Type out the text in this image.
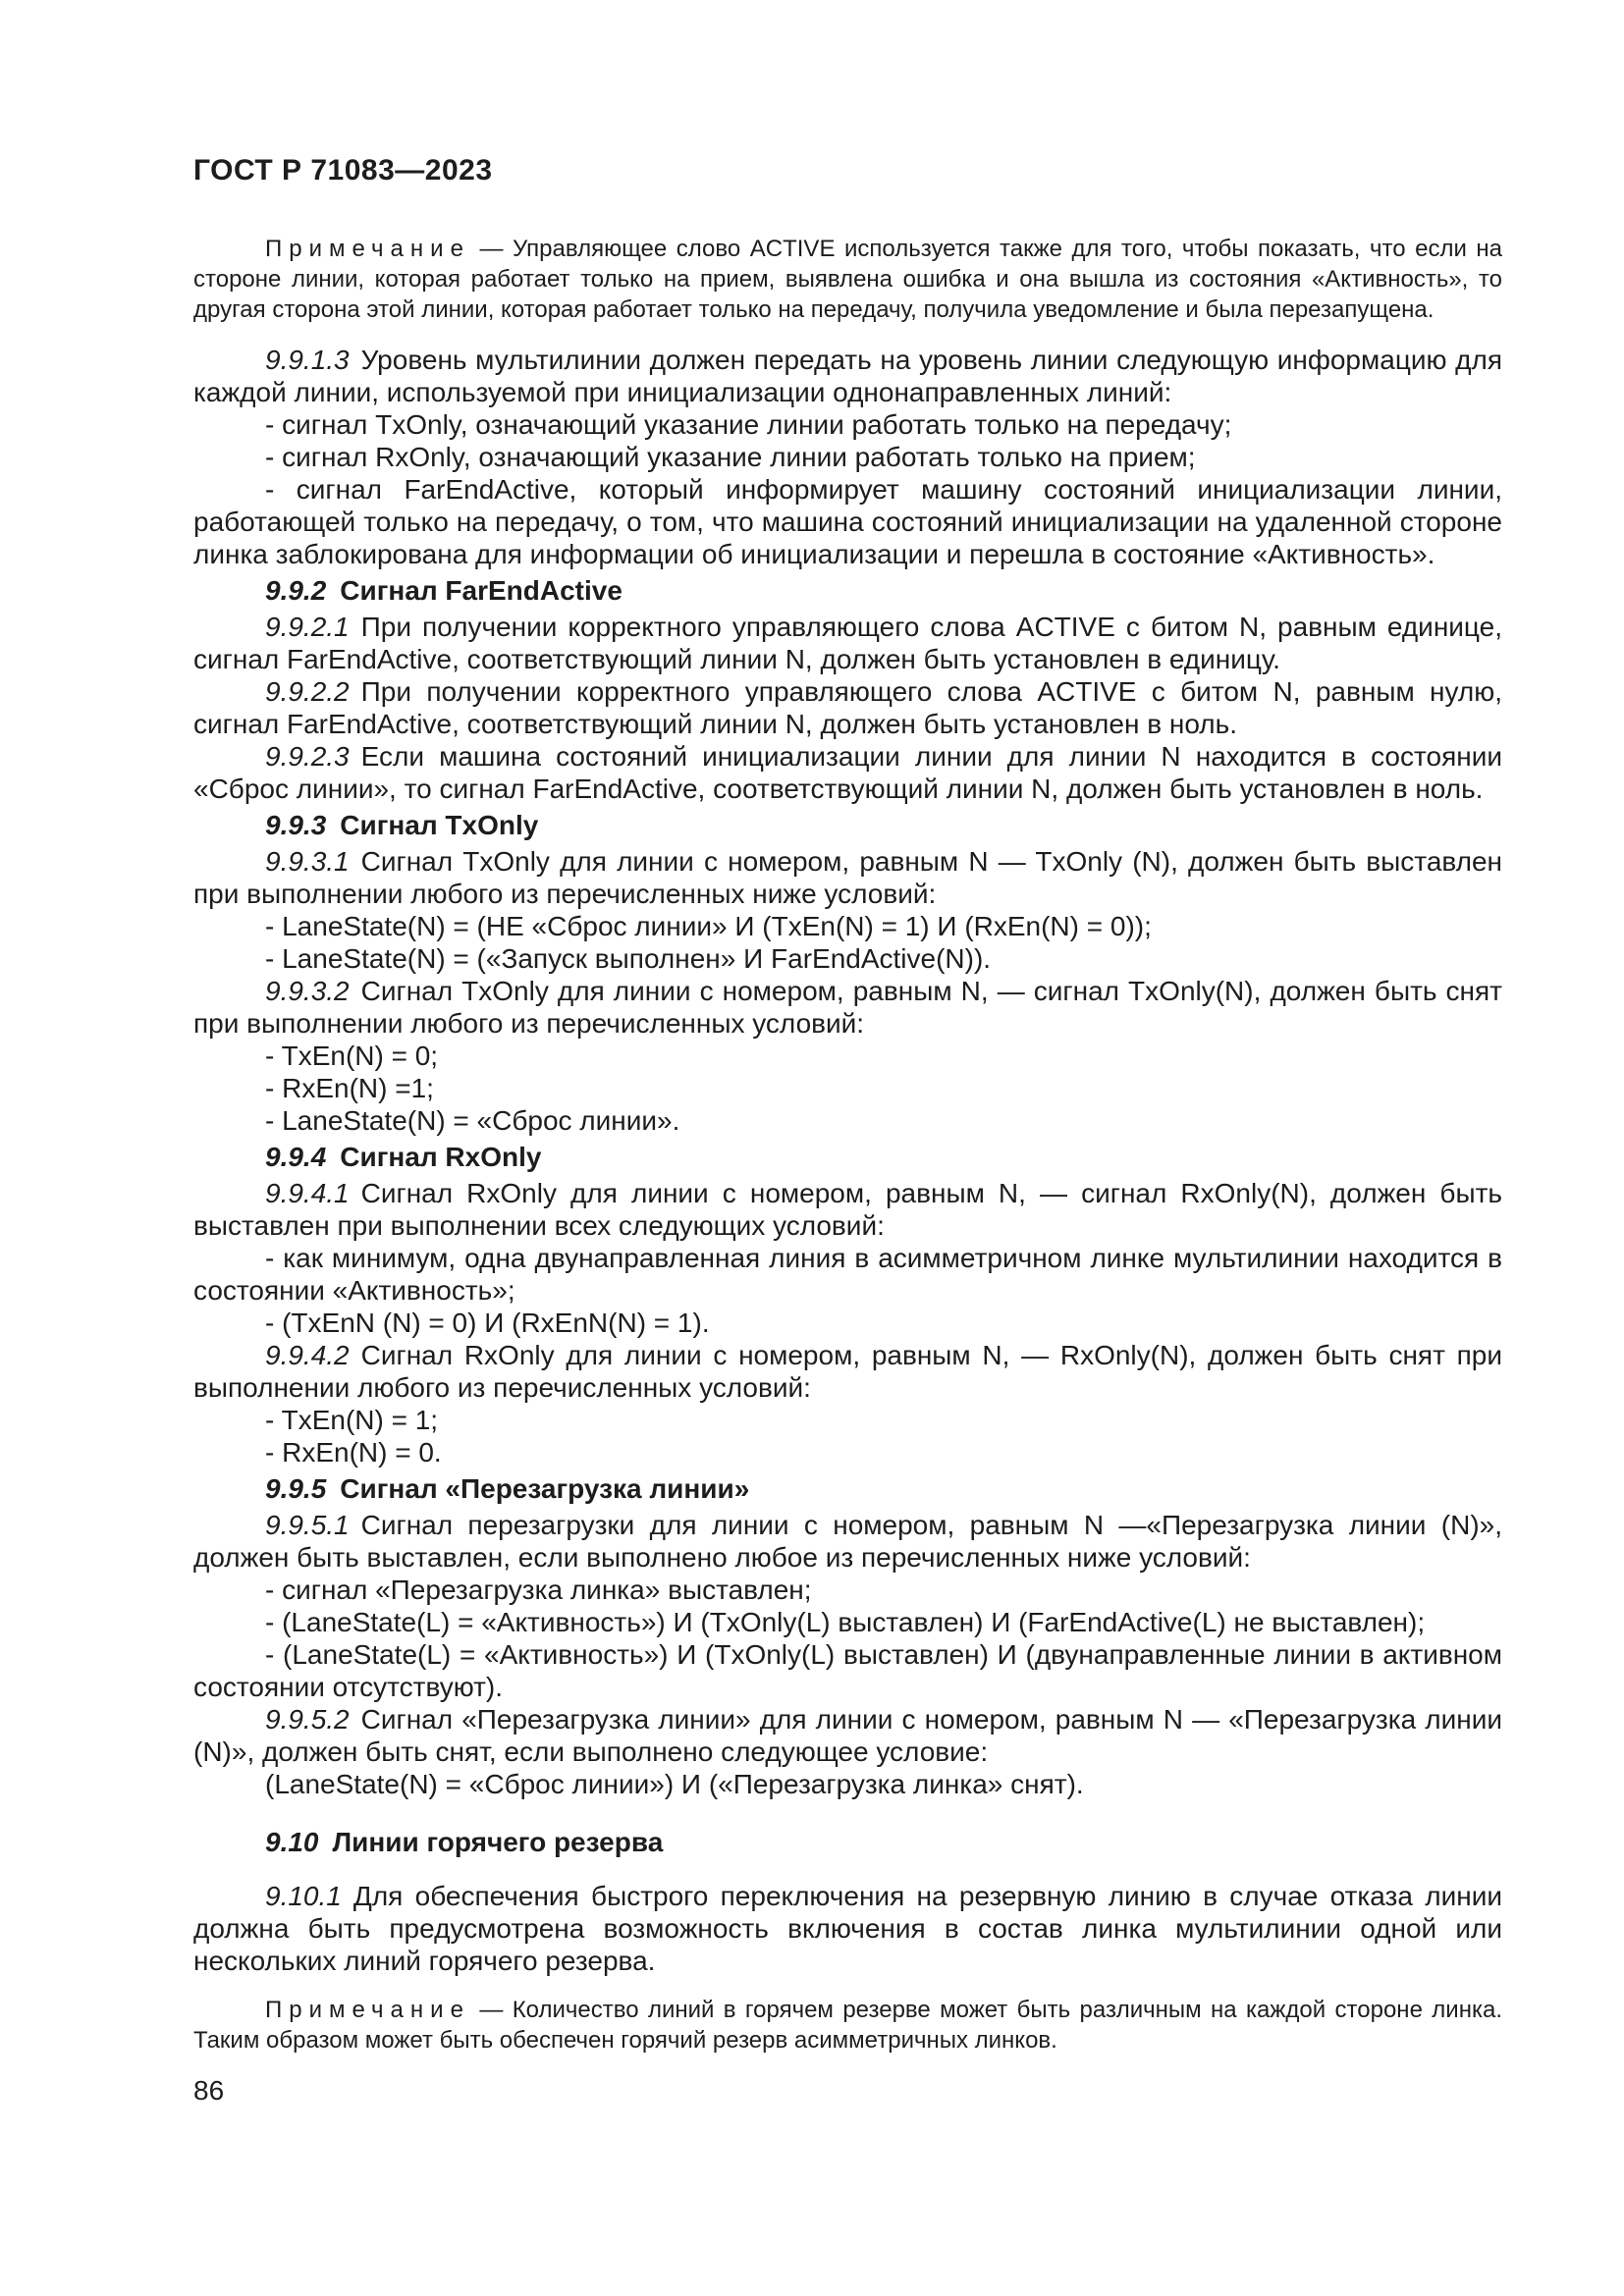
ГОСТ Р 71083—2023

Примечание — Управляющее слово ACTIVE используется также для того, чтобы показать, что если на стороне линии, которая работает только на прием, выявлена ошибка и она вышла из состояния «Активность», то другая сторона этой линии, которая работает только на передачу, получила уведомление и была перезапущена.

9.9.1.3 Уровень мультилинии должен передать на уровень линии следующую информацию для каждой линии, используемой при инициализации однонаправленных линий:

- сигнал TxOnly, означающий указание линии работать только на передачу;

- сигнал RxOnly, означающий указание линии работать только на прием;

- сигнал FarEndActive, который информирует машину состояний инициализации линии, работающей только на передачу, о том, что машина состояний инициализации на удаленной стороне линка заблокирована для информации об инициализации и перешла в состояние «Активность».

9.9.2 Сигнал FarEndActive

9.9.2.1 При получении корректного управляющего слова ACTIVE с битом N, равным единице, сигнал FarEndActive, соответствующий линии N, должен быть установлен в единицу.

9.9.2.2 При получении корректного управляющего слова ACTIVE с битом N, равным нулю, сигнал FarEndActive, соответствующий линии N, должен быть установлен в ноль.

9.9.2.3 Если машина состояний инициализации линии для линии N находится в состоянии «Сброс линии», то сигнал FarEndActive, соответствующий линии N, должен быть установлен в ноль.

9.9.3 Сигнал TxOnly

9.9.3.1 Сигнал TxOnly для линии с номером, равным N — TxOnly (N), должен быть выставлен при выполнении любого из перечисленных ниже условий:

- LaneState(N) = (НЕ «Сброс линии» И (TxEn(N) = 1) И (RxEn(N) = 0));

- LaneState(N) = («Запуск выполнен» И FarEndActive(N)).

9.9.3.2 Сигнал TxOnly для линии с номером, равным N, — сигнал TxOnly(N), должен быть снят при выполнении любого из перечисленных условий:

- TxEn(N) = 0;

- RxEn(N) =1;

- LaneState(N) = «Сброс линии».

9.9.4 Сигнал RxOnly

9.9.4.1 Сигнал RxOnly для линии с номером, равным N, — сигнал RxOnly(N), должен быть выставлен при выполнении всех следующих условий:

- как минимум, одна двунаправленная линия в асимметричном линке мультилинии находится в состоянии «Активность»;

- (TxEnN (N) = 0) И (RxEnN(N) = 1).

9.9.4.2 Сигнал RxOnly для линии с номером, равным N, — RxOnly(N), должен быть снят при выполнении любого из перечисленных условий:

- TxEn(N) = 1;

- RxEn(N) = 0.

9.9.5 Сигнал «Перезагрузка линии»

9.9.5.1 Сигнал перезагрузки для линии с номером, равным N —«Перезагрузка линии (N)», должен быть выставлен, если выполнено любое из перечисленных ниже условий:

- сигнал «Перезагрузка линка» выставлен;

- (LaneState(L) = «Активность») И (TxOnly(L) выставлен) И (FarEndActive(L) не выставлен);

- (LaneState(L) = «Активность») И (TxOnly(L) выставлен) И (двунаправленные линии в активном состоянии отсутствуют).

9.9.5.2 Сигнал «Перезагрузка линии» для линии с номером, равным N — «Перезагрузка линии (N)», должен быть снят, если выполнено следующее условие:

(LaneState(N) = «Сброс линии») И («Перезагрузка линка» снят).

9.10 Линии горячего резерва

9.10.1 Для обеспечения быстрого переключения на резервную линию в случае отказа линии должна быть предусмотрена возможность включения в состав линка мультилинии одной или нескольких линий горячего резерва.

Примечание — Количество линий в горячем резерве может быть различным на каждой стороне линка. Таким образом может быть обеспечен горячий резерв асимметричных линков.

86
